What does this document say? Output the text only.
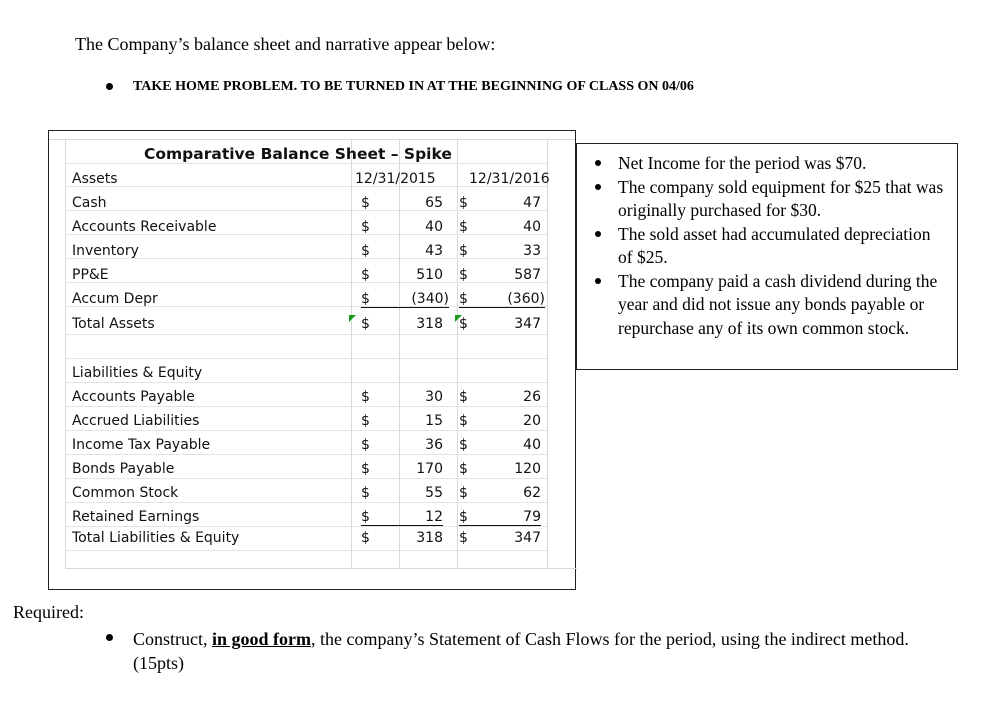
The Company’s balance sheet and narrative appear below:
TAKE HOME PROBLEM. TO BE TURNED IN AT THE BEGINNING OF CLASS ON 04/06
Comparative Balance Sheet – Spike
Assets	12/31/2015 12/31/2016
Cash	$	65 $	47
Accounts Receivable	$	40 $	40
Inventory	$	43 $	33
PP&E	$	510 $	587
Accum Depr	$	(340) $	(360)
Total Assets	$	318 $	347
Liabilities & Equity
Accounts Payable	$	30 $	26
Accrued Liabilities	$	15 $	20
Income Tax Payable	$	36 $	40
Bonds Payable	$	170 $	120
Common Stock	$	55 $	62
Retained Earnings	$	12 $	79
Total Liabilities & Equity	$	318 $	347
Net Income for the period was $70.
The company sold equipment for $25 that was originally purchased for $30.
The sold asset had accumulated depreciation of $25.
The company paid a cash dividend during the year and did not issue any bonds payable or repurchase any of its own common stock.
Required:
Construct, in good form, the company’s Statement of Cash Flows for the period, using the indirect method. (15pts)
